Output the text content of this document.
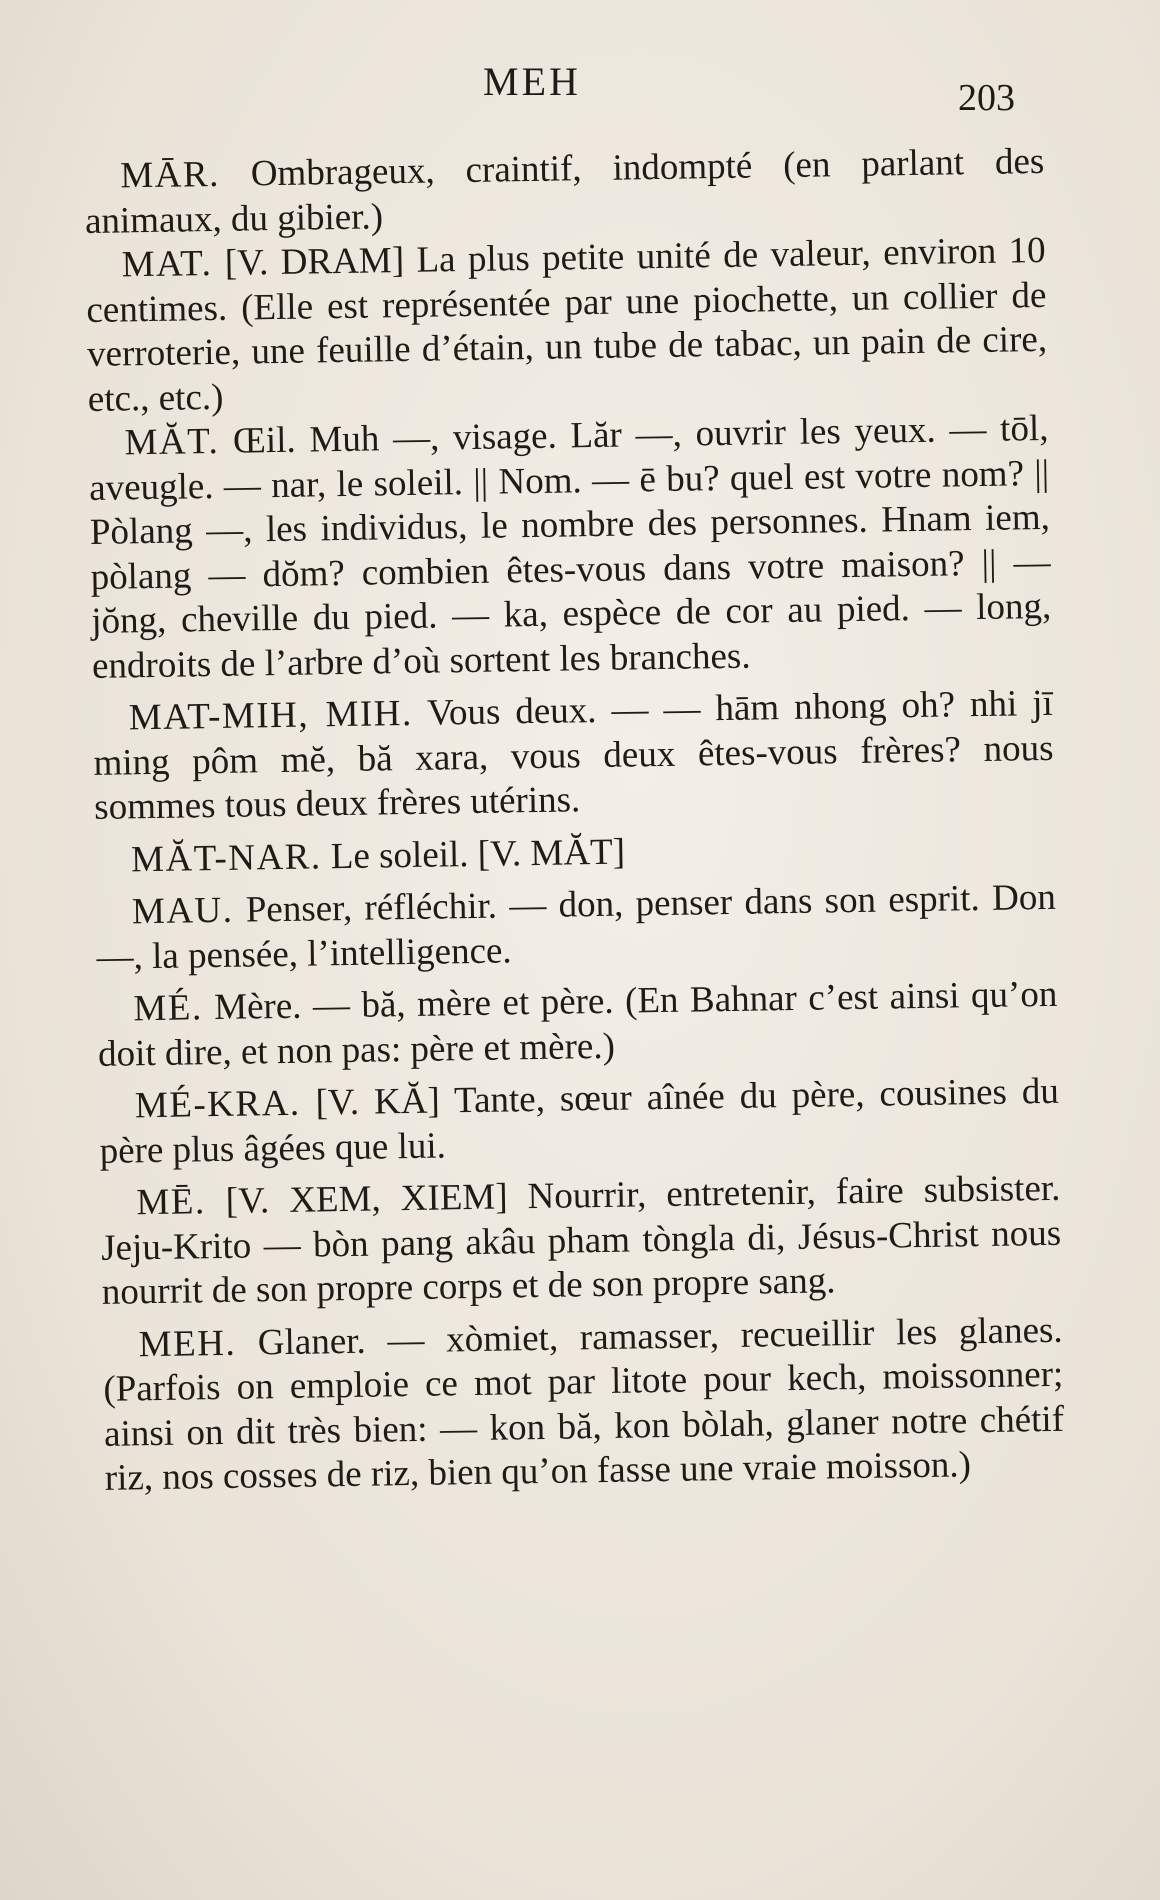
MEH	203

MĀR. Ombrageux, craintif, indompté (en parlant des animaux, du gibier.)

MAT. [V. DRAM] La plus petite unité de valeur, environ 10 centimes. (Elle est représentée par une piochette, un collier de verroterie, une feuille d’étain, un tube de tabac, un pain de cire, etc., etc.)

MĂT. Œil. Muh —, visage. Lăr —, ouvrir les yeux. — tōl, aveugle. — nar, le soleil. || Nom. — ē bu? quel est votre nom? || Pòlang —, les individus, le nombre des personnes. Hnam iem, pòlang — dŏm? combien êtes-vous dans votre maison? || — jŏng, cheville du pied. — ka, espèce de cor au pied. — long, endroits de l’arbre d’où sortent les branches.

MAT-MIH, MIH. Vous deux. — — hām nhong oh? nhi jī ming pôm mĕ, bă xara, vous deux êtes-vous frères? nous sommes tous deux frères utérins.

MĂT-NAR. Le soleil. [V. MĂT]

MAU. Penser, réfléchir. — don, penser dans son esprit. Don —, la pensée, l’intelligence.

MÉ. Mère. — bă, mère et père. (En Bahnar c’est ainsi qu’on doit dire, et non pas: père et mère.)

MÉ-KRA. [V. KĂ] Tante, sœur aînée du père, cousines du père plus âgées que lui.

MĒ. [V. XEM, XIEM] Nourrir, entretenir, faire subsister. Jeju-Krito — bòn pang akâu pham tòngla di, Jésus-Christ nous nourrit de son propre corps et de son propre sang.

MEH. Glaner. — xòmiet, ramasser, recueillir les glanes. (Parfois on emploie ce mot par litote pour kech, moissonner; ainsi on dit très bien: — kon bă, kon bòlah, glaner notre chétif riz, nos cosses de riz, bien qu’on fasse une vraie moisson.)
